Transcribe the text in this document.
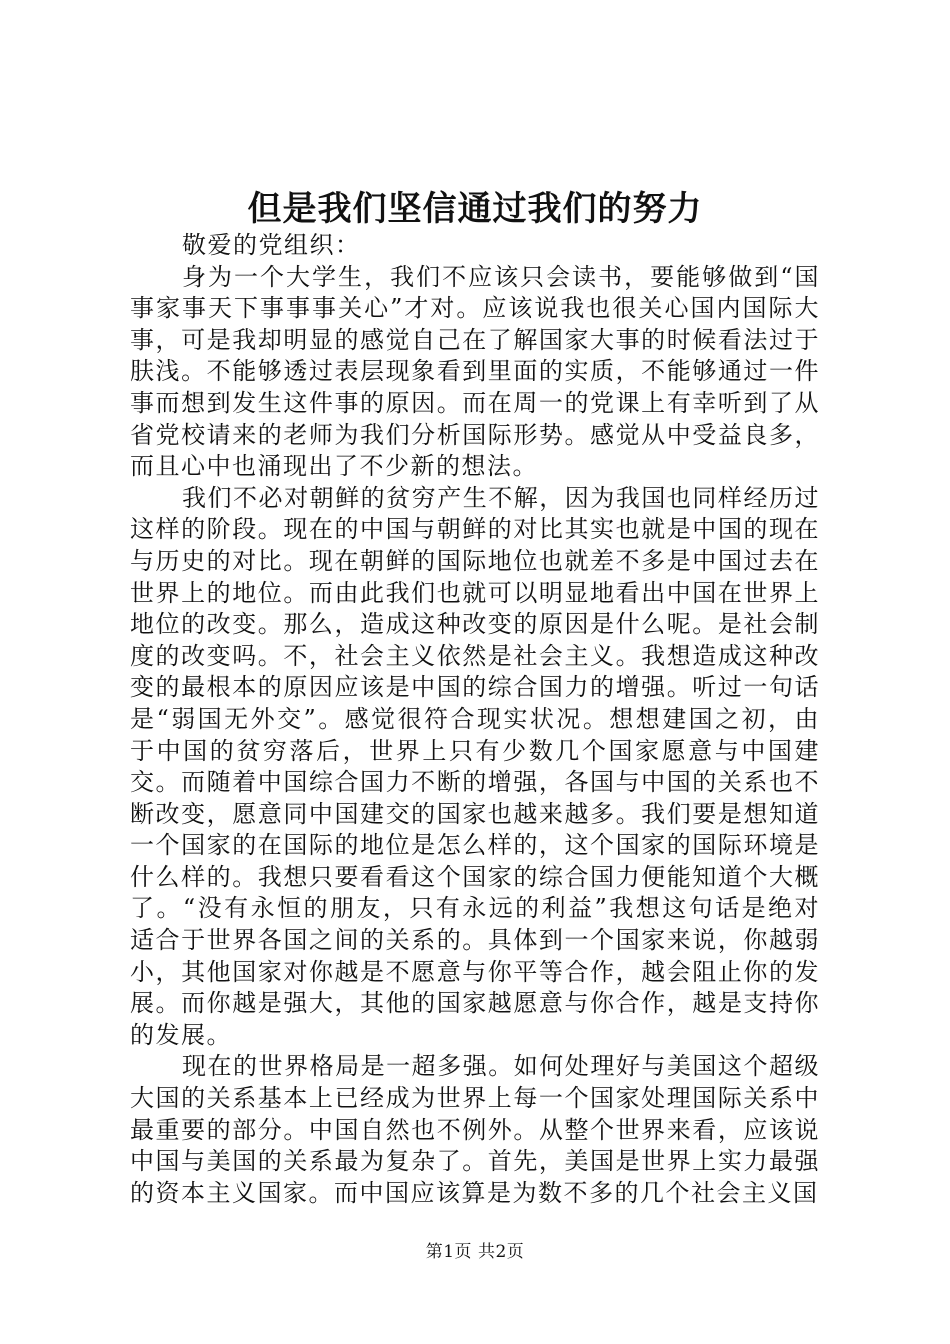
但是我们坚信通过我们的努力

敬爱的党组织：

身为一个大学生，我们不应该只会读书，要能够做到“国事家事天下事事事关心”才对。应该说我也很关心国内国际大事，可是我却明显的感觉自己在了解国家大事的时候看法过于肤浅。不能够透过表层现象看到里面的实质，不能够通过一件事而想到发生这件事的原因。而在周一的党课上有幸听到了从省党校请来的老师为我们分析国际形势。感觉从中受益良多，而且心中也涌现出了不少新的想法。

我们不必对朝鲜的贫穷产生不解，因为我国也同样经历过这样的阶段。现在的中国与朝鲜的对比其实也就是中国的现在与历史的对比。现在朝鲜的国际地位也就差不多是中国过去在世界上的地位。而由此我们也就可以明显地看出中国在世界上地位的改变。那么，造成这种改变的原因是什么呢。是社会制度的改变吗。不，社会主义依然是社会主义。我想造成这种改变的最根本的原因应该是中国的综合国力的增强。听过一句话是“弱国无外交”。感觉很符合现实状况。想想建国之初，由于中国的贫穷落后，世界上只有少数几个国家愿意与中国建交。而随着中国综合国力不断的增强，各国与中国的关系也不断改变，愿意同中国建交的国家也越来越多。我们要是想知道一个国家的在国际的地位是怎么样的，这个国家的国际环境是什么样的。我想只要看看这个国家的综合国力便能知道个大概了。“没有永恒的朋友，只有永远的利益”我想这句话是绝对适合于世界各国之间的关系的。具体到一个国家来说，你越弱小，其他国家对你越是不愿意与你平等合作，越会阻止你的发展。而你越是强大，其他的国家越愿意与你合作，越是支持你的发展。

现在的世界格局是一超多强。如何处理好与美国这个超级大国的关系基本上已经成为世界上每一个国家处理国际关系中最重要的部分。中国自然也不例外。从整个世界来看，应该说中国与美国的关系最为复杂了。首先，美国是世界上实力最强的资本主义国家。而中国应该算是为数不多的几个社会主义国

第1页 共2页
